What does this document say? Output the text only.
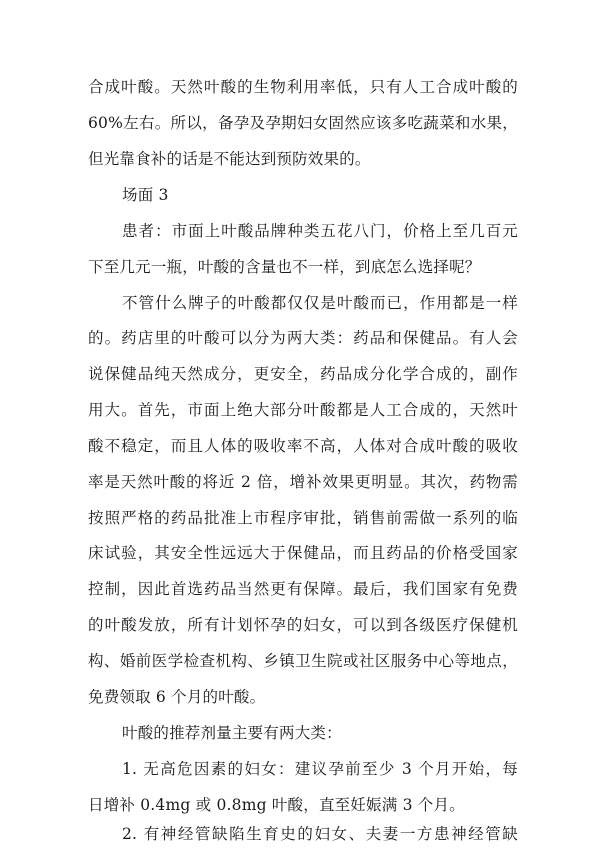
合成叶酸。天然叶酸的生物利用率低，只有人工合成叶酸的
60%左右。所以，备孕及孕期妇女固然应该多吃蔬菜和水果，
但光靠食补的话是不能达到预防效果的。
场面 3
患者：市面上叶酸品牌种类五花八门，价格上至几百元
下至几元一瓶，叶酸的含量也不一样，到底怎么选择呢？
不管什么牌子的叶酸都仅仅是叶酸而已，作用都是一样
的。药店里的叶酸可以分为两大类：药品和保健品。有人会
说保健品纯天然成分，更安全，药品成分化学合成的，副作
用大。首先，市面上绝大部分叶酸都是人工合成的，天然叶
酸不稳定，而且人体的吸收率不高，人体对合成叶酸的吸收
率是天然叶酸的将近 2 倍，增补效果更明显。其次，药物需
按照严格的药品批准上市程序审批，销售前需做一系列的临
床试验，其安全性远远大于保健品，而且药品的价格受国家
控制，因此首选药品当然更有保障。最后，我们国家有免费
的叶酸发放，所有计划怀孕的妇女，可以到各级医疗保健机
构、婚前医学检查机构、乡镇卫生院或社区服务中心等地点，
免费领取 6 个月的叶酸。
叶酸的推荐剂量主要有两大类：
1. 无高危因素的妇女：建议孕前至少 3 个月开始，每
日增补 0.4mg 或 0.8mg 叶酸，直至妊娠满 3 个月。
2. 有神经管缺陷生育史的妇女、夫妻一方患神经管缺
